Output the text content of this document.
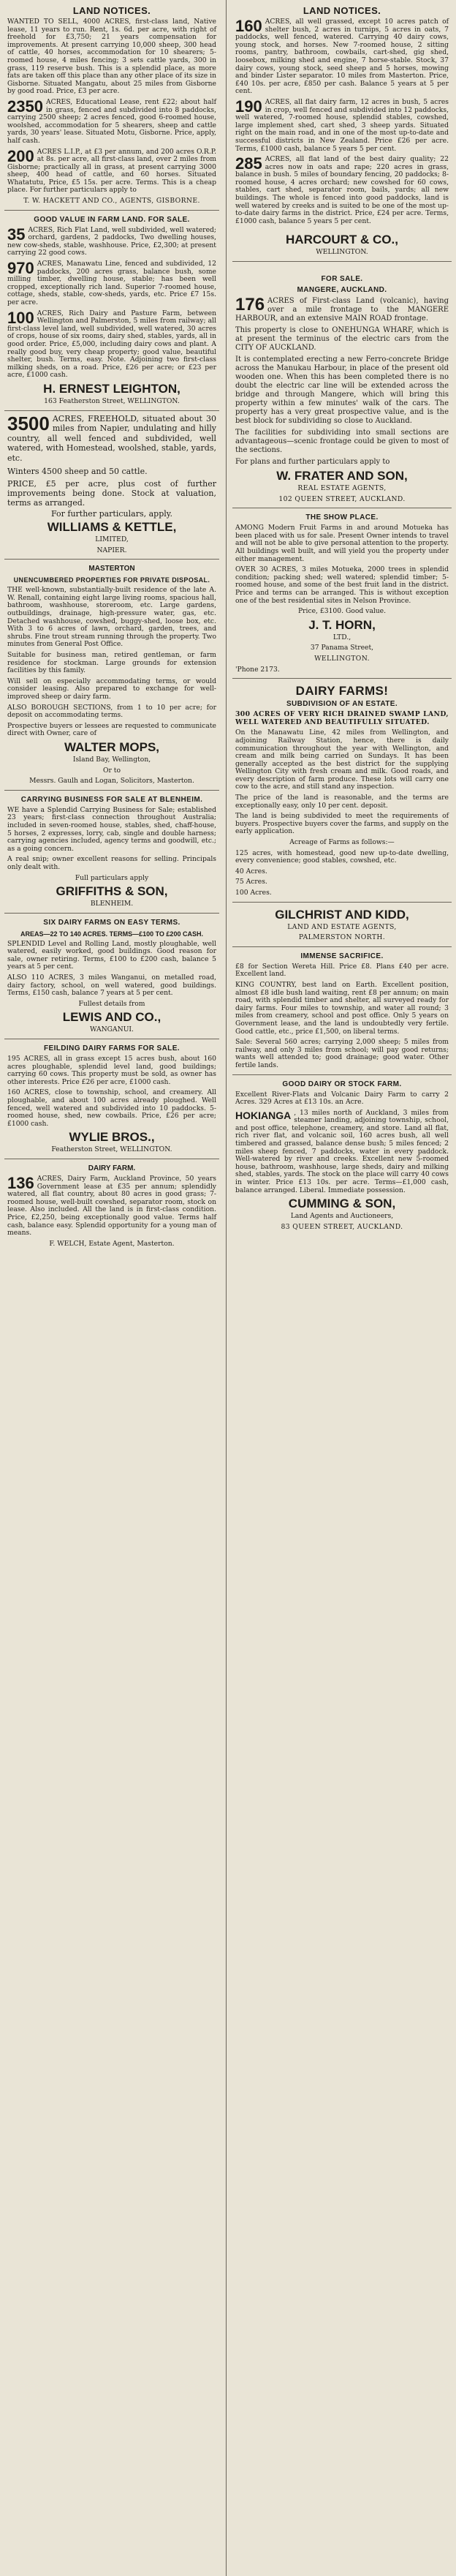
LAND NOTICES.

WANTED TO SELL, 4000 ACRES, first-class land, Native lease, 11 years to run. Rent, 1s. 6d. per acre, with right of freehold for £3,750; 21 years compensation for improvements. At present carrying 10,000 sheep, 300 head of cattle, 40 horses, accommodation for 10 shearers; 5-roomed house, 4 miles fencing; 3 sets cattle yards, 300 in grass, 119 reserve bush. This is a splendid place, as more fats are taken off this place than any other place of its size in Gisborne. Situated Mangatu, about 25 miles from Gisborne by good road. Price, £3 per acre.

2350 ACRES, Educational Lease, rent £22; about half in grass, fenced and subdivided into 8 paddocks, carrying 2500 sheep; 2 acres fenced, good 6-roomed house, woolshed, accommodation for 5 shearers, sheep and cattle yards, 30 years' lease. Situated Motu, Gisborne. Price, apply, half cash.

200 ACRES L.I.P., at £3 per annum, and 200 acres O.R.P. at 8s. per acre, all first-class land, over 2 miles from Gisborne; practically all in grass, at present carrying 3000 sheep, 400 head of cattle, and 60 horses. Situated Whatatutu, Price, £5 15s. per acre. Terms. This is a cheap place. For further particulars apply to

T. W. HACKETT AND CO., AGENTS, GISBORNE.

GOOD VALUE IN FARM LAND. FOR SALE.

35 ACRES, Rich Flat Land, well subdivided, well watered; orchard, gardens, 2 paddocks, Two dwelling houses, new cow-sheds, stable, washhouse. Price, £2,300; at present carrying 22 good cows.

970 ACRES, Manawatu Line, fenced and subdivided, 12 paddocks, 200 acres grass, balance bush, some milling timber, dwelling house, stable; has been well cropped, exceptionally rich land. Superior 7-roomed house, cottage, sheds, stable, cow-sheds, yards, etc. Price £7 15s. per acre.

100 ACRES, Rich Dairy and Pasture Farm, between Wellington and Palmerston, 5 miles from railway; all first-class level land, well subdivided, well watered, 30 acres of crops, house of six rooms, dairy shed, stables, yards, all in good order. Price, £5,000, including dairy cows and plant. A really good buy, very cheap property; good value, beautiful shelter, bush. Terms, easy. Note. Adjoining two first-class milking sheds, on a road. Price, £26 per acre; or £23 per acre, £1000 cash.

H. ERNEST LEIGHTON,

163 Featherston Street, WELLINGTON.

3500 ACRES, FREEHOLD, situated about 30 miles from Napier, undulating and hilly country, all well fenced and subdivided, well watered, with Homestead, woolshed, stable, yards, etc.

Winters 4500 sheep and 50 cattle.

PRICE, £5 per acre, plus cost of further improvements being done. Stock at valuation, terms as arranged.

For further particulars, apply.

WILLIAMS & KETTLE,

LIMITED,

NAPIER.

MASTERTON
UNENCUMBERED PROPERTIES FOR PRIVATE DISPOSAL.

THE well-known, substantially-built residence of the late A. W. Renall, containing eight large living rooms, spacious hall, bathroom, washhouse, storeroom, etc. Large gardens, outbuildings, drainage, high-pressure water, gas, etc. Detached washhouse, cowshed, buggy-shed, loose box, etc. With 3 to 6 acres of lawn, orchard, garden, trees, and shrubs. Fine trout stream running through the property. Two minutes from General Post Office.

Suitable for business man, retired gentleman, or farm residence for stockman. Large grounds for extension facilities by this family.

Will sell on especially accommodating terms, or would consider leasing. Also prepared to exchange for well-improved sheep or dairy farm.

ALSO BOROUGH SECTIONS, from 1 to 10 per acre; for deposit on accommodating terms.

Prospective buyers or lessees are requested to communicate direct with Owner, care of

WALTER MOPS,

Island Bay, Wellington,

Or to

Messrs. Gaulh and Logan, Solicitors, Masterton.

CARRYING BUSINESS FOR SALE AT BLENHEIM.

WE have a Splendid Carrying Business for Sale; established 23 years; first-class connection throughout Australia; included in seven-roomed house, stables, shed, chaff-house, 5 horses, 2 expresses, lorry, cab, single and double harness; carrying agencies included, agency terms and goodwill, etc.; as a going concern.

A real snip; owner excellent reasons for selling. Principals only dealt with.

Full particulars apply

GRIFFITHS & SON,

BLENHEIM.

SIX DAIRY FARMS ON EASY TERMS.
AREAS—22 TO 140 ACRES. TERMS—£100 TO £200 CASH.

SPLENDID Level and Rolling Land, mostly ploughable, well watered, easily worked, good buildings. Good reason for sale, owner retiring. Terms, £100 to £200 cash, balance 5 years at 5 per cent.

ALSO 110 ACRES, 3 miles Wanganui, on metalled road, dairy factory, school, on well watered, good buildings. Terms, £150 cash, balance 7 years at 5 per cent.

Fullest details from

LEWIS AND CO.,

WANGANUI.

FEILDING DAIRY FARMS FOR SALE.

195 ACRES, all in grass except 15 acres bush, about 160 acres ploughable, splendid level land, good buildings; carrying 60 cows. This property must be sold, as owner has other interests. Price £26 per acre, £1000 cash.

160 ACRES, close to township, school, and creamery. All ploughable, and about 100 acres already ploughed. Well fenced, well watered and subdivided into 10 paddocks. 5-roomed house, shed, new cowbails. Price, £26 per acre; £1000 cash.

WYLIE BROS.,

Featherston Street, WELLINGTON.

DAIRY FARM.

136 ACRES, Dairy Farm, Auckland Province, 50 years Government lease at £35 per annum; splendidly watered, all flat country, about 80 acres in good grass; 7-roomed house, well-built cowshed, separator room, stock on lease. Also included. All the land is in first-class condition. Price, £2,250, being exceptionally good value. Terms half cash, balance easy. Splendid opportunity for a young man of means.

F. WELCH, Estate Agent, Masterton.

LAND NOTICES.

160 ACRES, all well grassed, except 10 acres patch of shelter bush, 2 acres in turnips, 5 acres in oats, 7 paddocks, well fenced, watered. Carrying 40 dairy cows, young stock, and horses. New 7-roomed house, 2 sitting rooms, pantry, bathroom, cowbails, cart-shed, gig shed, loosebox, milking shed and engine, 7 horse-stable. Stock, 37 dairy cows, young stock, seed sheep and 5 horses, mowing and binder Lister separator. 10 miles from Masterton. Price, £40 10s. per acre, £850 per cash. Balance 5 years at 5 per cent.

190 ACRES, all flat dairy farm, 12 acres in bush, 5 acres in crop, well fenced and subdivided into 12 paddocks, well watered, 7-roomed house, splendid stables, cowshed, large implement shed, cart shed, 3 sheep yards. Situated right on the main road, and in one of the most up-to-date and successful districts in New Zealand. Price £26 per acre. Terms, £1000 cash, balance 5 years 5 per cent.

285 ACRES, all flat land of the best dairy quality; 22 acres now in oats and rape; 220 acres in grass, balance in bush. 5 miles of boundary fencing, 20 paddocks; 8-roomed house, 4 acres orchard; new cowshed for 60 cows, stables, cart shed, separator room, bails, yards; all new buildings. The whole is fenced into good paddocks, land is well watered by creeks and is suited to be one of the most up-to-date dairy farms in the district. Price, £24 per acre. Terms, £1000 cash, balance 5 years 5 per cent.

HARCOURT & CO.,

WELLINGTON.

FOR SALE.
MANGERE, AUCKLAND.

176 ACRES of First-class Land (volcanic), having over a mile frontage to the MANGERE HARBOUR, and an extensive MAIN ROAD frontage.

This property is close to ONEHUNGA WHARF, which is at present the terminus of the electric cars from the CITY OF AUCKLAND.

It is contemplated erecting a new Ferro-concrete Bridge across the Manukau Harbour, in place of the present old wooden one. When this has been completed there is no doubt the electric car line will be extended across the bridge and through Mangere, which will bring this property within a few minutes' walk of the cars. The property has a very great prospective value, and is the best block for subdividing so close to Auckland.

The facilities for subdividing into small sections are advantageous—scenic frontage could be given to most of the sections.

For plans and further particulars apply to

W. FRATER AND SON,

REAL ESTATE AGENTS,

102 QUEEN STREET, AUCKLAND.

THE SHOW PLACE.

AMONG Modern Fruit Farms in and around Motueka has been placed with us for sale. Present Owner intends to travel and will not be able to give personal attention to the property. All buildings well built, and will yield you the property under either management.

OVER 30 ACRES, 3 miles Motueka, 2000 trees in splendid condition; packing shed; well watered; splendid timber; 5-roomed house, and some of the best fruit land in the district. Price and terms can be arranged. This is without exception one of the best residential sites in Nelson Province.

Price, £3100. Good value.

J. T. HORN,

LTD.,

37 Panama Street,

WELLINGTON.

'Phone 2173.

DAIRY FARMS!
SUBDIVISION OF AN ESTATE.

300 ACRES OF VERY RICH DRAINED SWAMP LAND, WELL WATERED AND BEAUTIFULLY SITUATED.

On the Manawatu Line, 42 miles from Wellington, and adjoining Railway Station, hence, there is daily communication throughout the year with Wellington, and cream and milk being carried on Sundays. It has been generally accepted as the best district for the supplying Wellington City with fresh cream and milk. Good roads, and every description of farm produce. These lots will carry one cow to the acre, and still stand any inspection.

The price of the land is reasonable, and the terms are exceptionally easy, only 10 per cent. deposit.

The land is being subdivided to meet the requirements of buyers. Prospective buyers cover the farms, and supply on the early application.

Acreage of Farms as follows:—

125 acres, with homestead, good new up-to-date dwelling, every convenience; good stables, cowshed, etc.

40 Acres.

75 Acres.

100 Acres.

GILCHRIST AND KIDD,

LAND AND ESTATE AGENTS,

PALMERSTON NORTH.

IMMENSE SACRIFICE.

£8 for Section Wereta Hill. Price £8. Plans £40 per acre. Excellent land.

KING COUNTRY, best land on Earth. Excellent position, almost £8 idle bush land waiting, rent £8 per annum; on main road, with splendid timber and shelter, all surveyed ready for dairy farms. Four miles to township, and water all round; 3 miles from creamery, school and post office. Only 5 years on Government lease, and the land is undoubtedly very fertile. Good cattle, etc., price £1,500, on liberal terms.

Sale: Several 560 acres; carrying 2,000 sheep; 5 miles from railway, and only 3 miles from school; will pay good returns; wants well attended to; good drainage; good water. Other fertile lands.

GOOD DAIRY OR STOCK FARM.

Excellent River-Flats and Volcanic Dairy Farm to carry 2 Acres. 329 Acres at £13 10s. an Acre.

HOKIANGA , 13 miles north of Auckland, 3 miles from steamer landing, adjoining township, school, and post office, telephone, creamery, and store. Land all flat, rich river flat, and volcanic soil, 160 acres bush, all well timbered and grassed, balance dense bush; 5 miles fenced; 2 miles sheep fenced, 7 paddocks, water in every paddock. Well-watered by river and creeks. Excellent new 5-roomed house, bathroom, washhouse, large sheds, dairy and milking shed, stables, yards. The stock on the place will carry 40 cows in winter. Price £13 10s. per acre. Terms—£1,000 cash, balance arranged. Liberal. Immediate possession.

CUMMING & SON,

Land Agents and Auctioneers,

83 QUEEN STREET, AUCKLAND.
